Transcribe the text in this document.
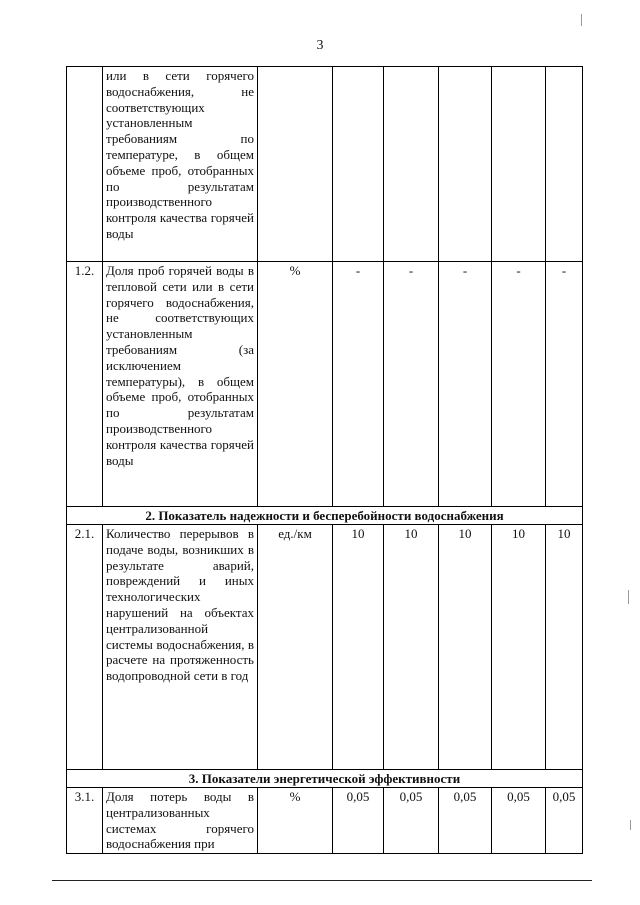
3
	или в сети горячего водоснабжения, не соответствующих установленным требованиям по температуре, в общем объеме проб, отобранных по результатам производственного контроля качества горячей воды						
1.2.	Доля проб горячей воды в тепловой сети или в сети горячего водоснабжения, не соответствующих установленным требованиям (за исключением температуры), в общем объеме проб, отобранных по результатам производственного контроля качества горячей воды	%	-	-	-	-	-
2. Показатель надежности и бесперебойности водоснабжения							
2.1.	Количество перерывов в подаче воды, возникших в результате аварий, повреждений и иных технологических нарушений на объектах централизованной системы водоснабжения, в расчете на протяженность водопроводной сети в год	ед./км	10	10	10	10	10
3. Показатели энергетической эффективности							
3.1.	Доля потерь воды в централизованных системах горячего водоснабжения при	%	0,05	0,05	0,05	0,05	0,05
